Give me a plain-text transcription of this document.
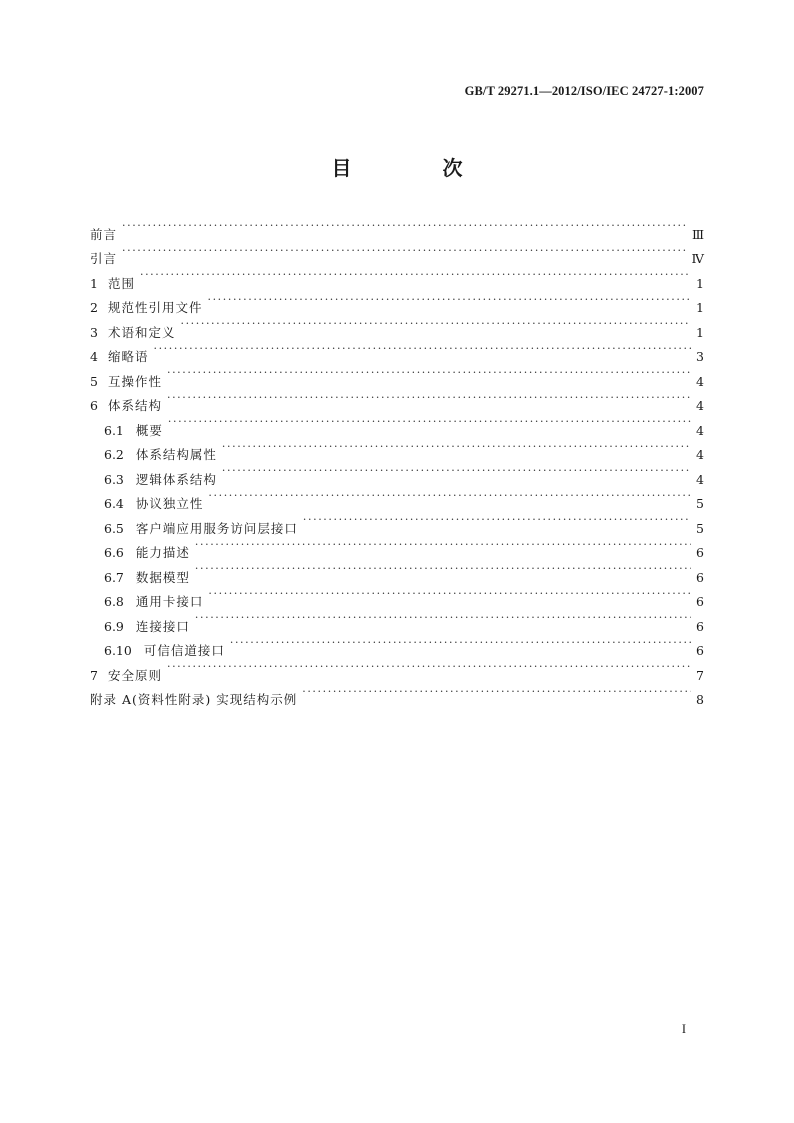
GB/T 29271.1—2012/ISO/IEC 24727-1:2007
目 次
前言 ·····	Ⅲ
引言 ·····	Ⅳ
1 范围 ·····	1
2 规范性引用文件 ·····	1
3 术语和定义 ·····	1
4 缩略语 ·····	3
5 互操作性 ·····	4
6 体系结构 ·····	4
6.1 概要 ·····	4
6.2 体系结构属性 ·····	4
6.3 逻辑体系结构 ·····	4
6.4 协议独立性 ·····	5
6.5 客户端应用服务访问层接口 ·····	5
6.6 能力描述 ·····	6
6.7 数据模型 ·····	6
6.8 通用卡接口 ·····	6
6.9 连接接口 ·····	6
6.10 可信信道接口 ·····	6
7 安全原则 ·····	7
附录 A(资料性附录) 实现结构示例 ·····	8
I
